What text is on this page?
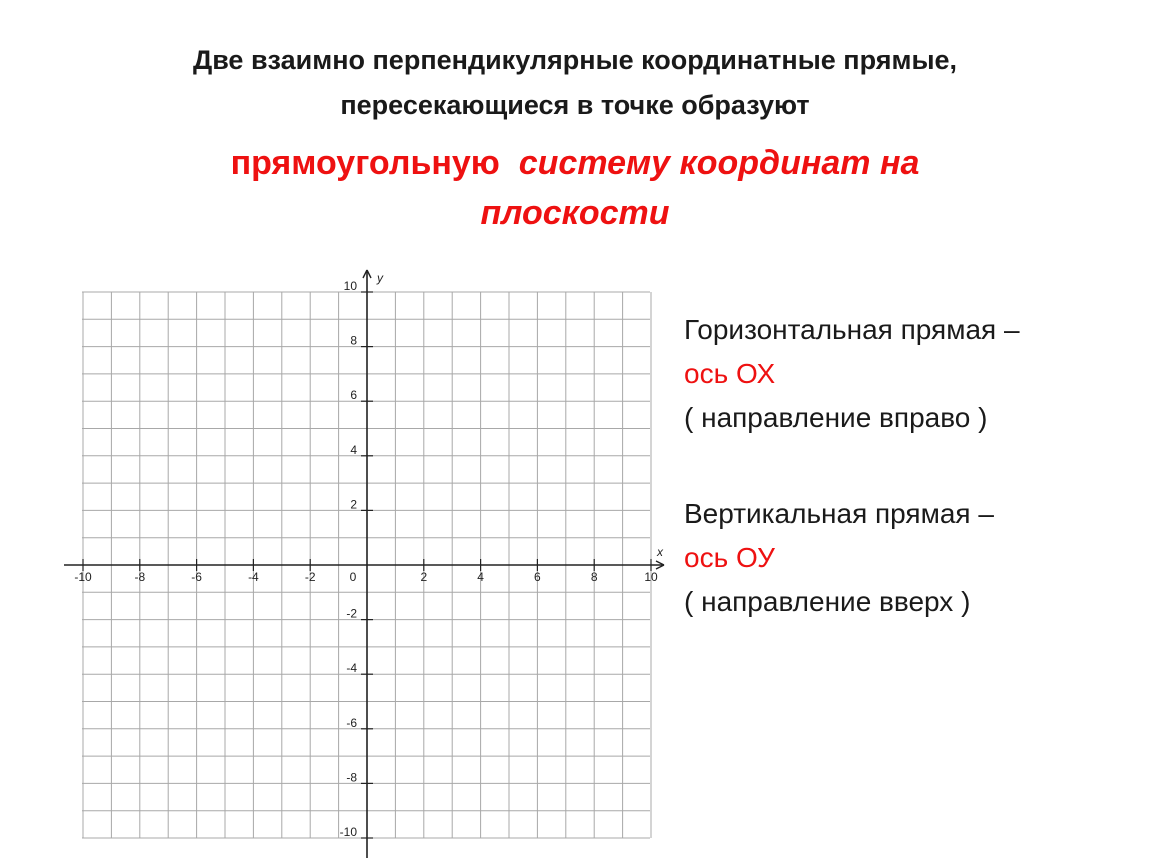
Две взаимно перпендикулярные координатные прямые,
пересекающиеся в точке образуют
прямоугольную систему координат на
плоскости
-10	-8	-6	-4	-2	0	2	4	6	8	10
10
8
6
4
2
-2
-4
-6
-8
-10
x
y
Горизонтальная прямая –
ось ОХ
( направление вправо )
Вертикальная прямая –
ось ОУ
( направление вверх )
